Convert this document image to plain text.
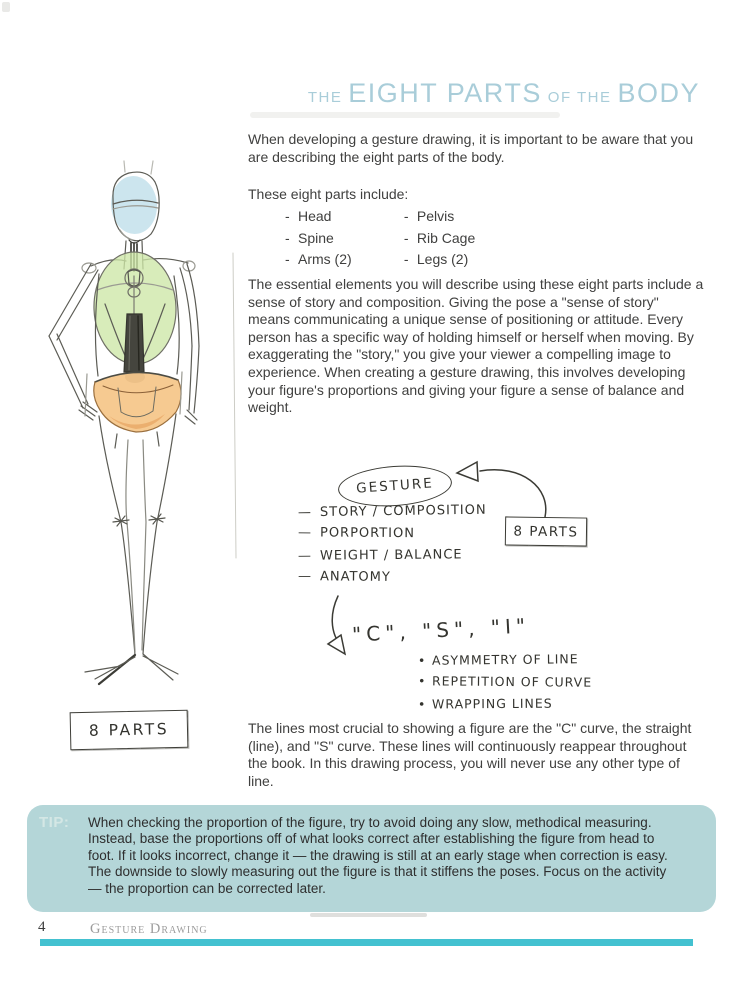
THE EIGHT PARTS OF THE BODY
When developing a gesture drawing, it is important to be aware that you are describing the eight parts of the body.
These eight parts include:
- Head	- Pelvis
- Spine	- Rib Cage
- Arms (2)	- Legs (2)
The essential elements you will describe using these eight parts include a sense of story and composition. Giving the pose a "sense of story" means communicating a unique sense of positioning or attitude. Every person has a specific way of holding himself or herself when moving. By exaggerating the "story," you give your viewer a compelling image to experience. When creating a gesture drawing, this involves developing your figure's proportions and giving your figure a sense of balance and weight.
The lines most crucial to showing a figure are the "C" curve, the straight (line), and "S" curve. These lines will continuously reappear throughout the book. In this drawing process, you will never use any other type of line.
8 PARTS
GESTURE
— STORY / COMPOSITION
— PORPORTION
— WEIGHT / BALANCE
— ANATOMY
8 PARTS
"C", "S", "I"
• ASYMMETRY OF LINE
• REPETITION OF CURVE
• WRAPPING LINES
TIP: When checking the proportion of the figure, try to avoid doing any slow, methodical measuring. Instead, base the proportions off of what looks correct after establishing the figure from head to foot. If it looks incorrect, change it — the drawing is still at an early stage when correction is easy. The downside to slowly measuring out the figure is that it stiffens the poses. Focus on the activity — the proportion can be corrected later.
4	Gesture Drawing
